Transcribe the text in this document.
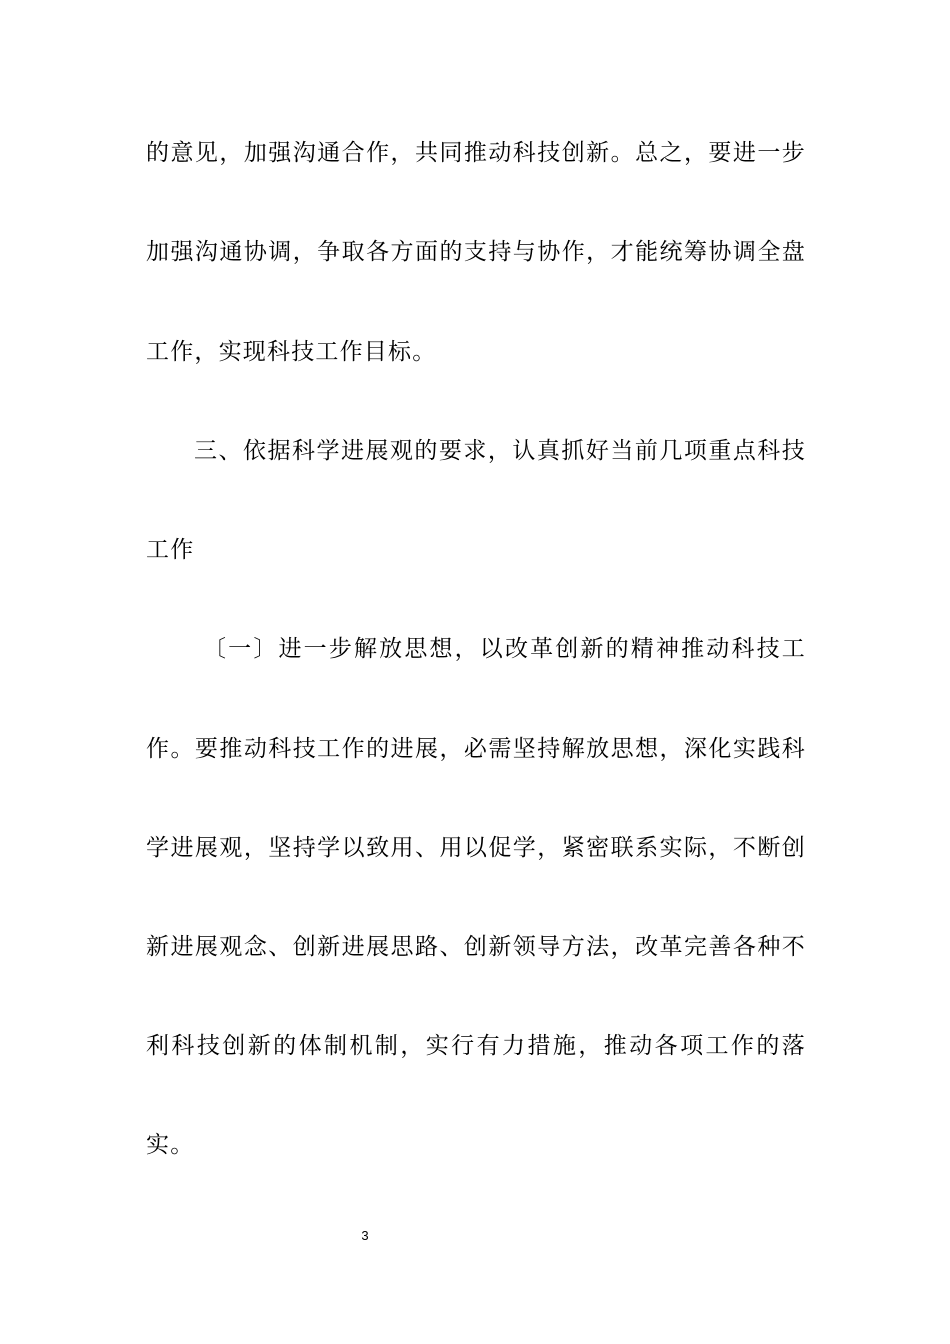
的意见，加强沟通合作，共同推动科技创新。总之，要进一步
加强沟通协调，争取各方面的支持与协作，才能统筹协调全盘
工作，实现科技工作目标。
三、依据科学进展观的要求，认真抓好当前几项重点科技
工作
〔一〕进一步解放思想，以改革创新的精神推动科技工
作。要推动科技工作的进展，必需坚持解放思想，深化实践科
学进展观，坚持学以致用、用以促学，紧密联系实际，不断创
新进展观念、创新进展思路、创新领导方法，改革完善各种不
利科技创新的体制机制，实行有力措施，推动各项工作的落
实。
3
